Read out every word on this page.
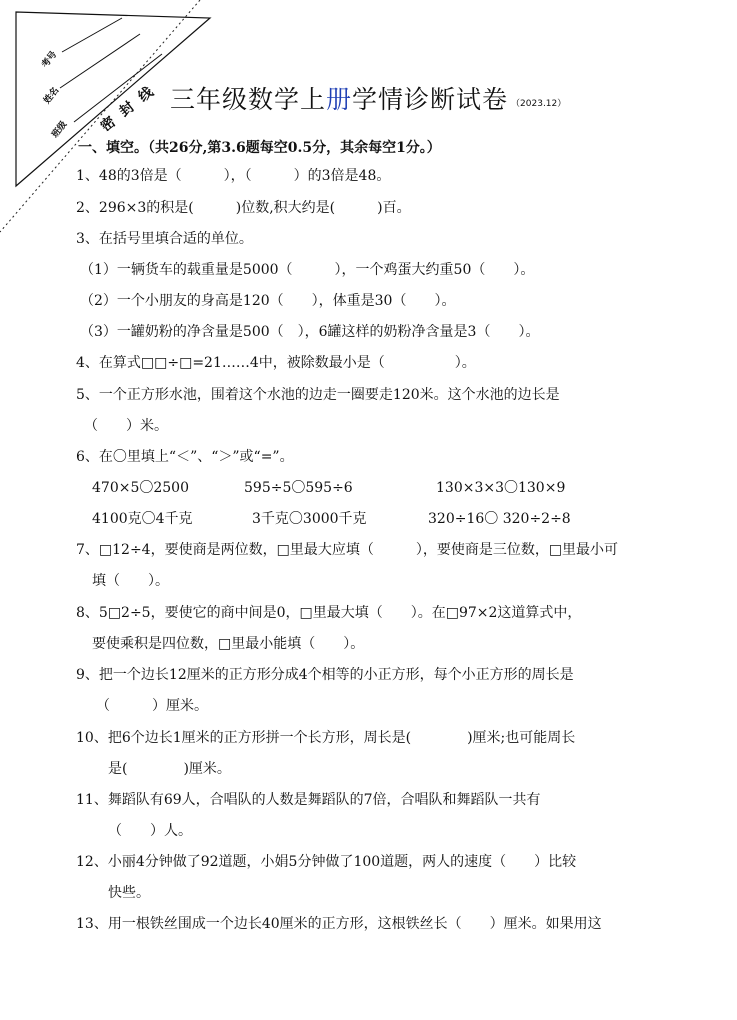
考号
姓名
班级 密封线 三年级数学上册学情诊断试卷 （2023.12）
一、填空。（共26分,第3.6题每空0.5分，其余每空1分。）
1、48的3倍是（　　　），（　　　）的3倍是48。
2、296×3的积是(　　　)位数,积大约是(　　　)百。
3、在括号里填合适的单位。
（1）一辆货车的载重量是5000（　　　），一个鸡蛋大约重50（　　）。
（2）一个小朋友的身高是120（　　），体重是30（　　）。
（3）一罐奶粉的净含量是500（　），6罐这样的奶粉净含量是3（　　）。
4、在算式□□÷□=21……4中，被除数最小是（　　　　　）。
5、一个正方形水池，围着这个水池的边走一圈要走120米。这个水池的边长是
（　　）米。
6、在〇里填上“＜”、“＞”或“=”。
470×5〇2500	595÷5〇595÷6	130×3×3〇130×9
4100克〇4千克	3千克〇3000千克	320÷16〇 320÷2÷8
7、□12÷4，要使商是两位数，□里最大应填（　　　），要使商是三位数，□里最小可
填（　　）。
8、5□2÷5，要使它的商中间是0，□里最大填（　　）。在□97×2这道算式中，
要使乘积是四位数，□里最小能填（　　）。
9、把一个边长12厘米的正方形分成4个相等的小正方形，每个小正方形的周长是
（　　　）厘米。
10、把6个边长1厘米的正方形拼一个长方形，周长是(　　　　)厘米;也可能周长
是(　　　　)厘米。
11、舞蹈队有69人，合唱队的人数是舞蹈队的7倍，合唱队和舞蹈队一共有
（　　）人。
12、小丽4分钟做了92道题，小娟5分钟做了100道题，两人的速度（　　）比较
快些。
13、用一根铁丝围成一个边长40厘米的正方形，这根铁丝长（　　）厘米。如果用这
